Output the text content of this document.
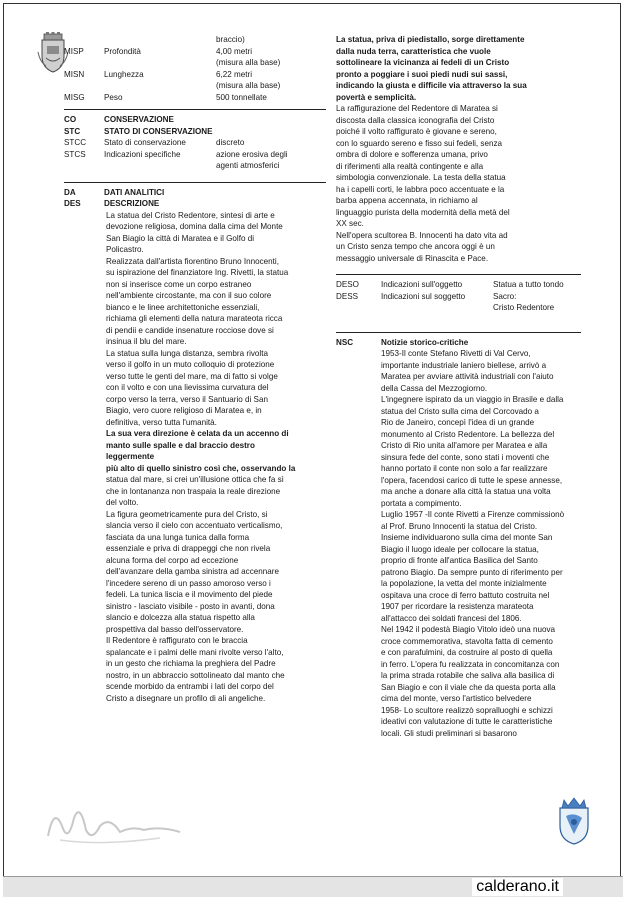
braccio)
MISP	Profondità	4,00 metri
(misura alla base)
MISN	Lunghezza	6,22 metri
(misura alla base)
MISG	Peso	500 tonnellate
CO	CONSERVAZIONE
STC	STATO DI CONSERVAZIONE
STCC	Stato di conservazione	discreto
STCS	Indicazioni specifiche	azione erosiva degli
agenti atmosferici
DA	DATI ANALITICI
DES	DESCRIZIONE
La statua del Cristo Redentore, sintesi di arte e
devozione religiosa, domina dalla cima del Monte
San Biagio la città di Maratea e il Golfo di
Policastro.
Realizzata dall'artista fiorentino Bruno Innocenti,
su ispirazione del finanziatore Ing. Rivetti, la statua
non si inserisce come un corpo estraneo
nell'ambiente circostante, ma con il suo colore
bianco e le linee architettoniche essenziali,
richiama gli elementi della natura marateota ricca
di pendii e candide insenature rocciose dove si
insinua il blu del mare.
La statua sulla lunga distanza, sembra rivolta
verso il golfo in un muto colloquio di protezione
verso tutte le genti del mare, ma di fatto si volge
con il volto e con una lievissima curvatura del
corpo verso la terra, verso il Santuario di San
Biagio, vero cuore religioso di Maratea e, in
definitiva, verso tutta l'umanità.
La sua vera direzione è celata da un accenno di
manto sulle spalle e dal braccio destro
leggermente
più alto di quello sinistro così che, osservando la
statua dal mare, si crei un'illusione ottica che fa sì
che in lontananza non traspaia la reale direzione
del volto.
La figura geometricamente pura del Cristo, si
slancia verso il cielo con accentuato verticalismo,
fasciata da una lunga tunica dalla forma
essenziale e priva di drappeggi che non rivela
alcuna forma del corpo ad eccezione
dell'avanzare della gamba sinistra ad accennare
l'incedere sereno di un passo amoroso verso i
fedeli. La tunica liscia e il movimento del piede
sinistro - lasciato visibile - posto in avanti, dona
slancio e dolcezza alla statua rispetto alla
prospettiva dal basso dell'osservatore.
Il Redentore è raffigurato con le braccia
spalancate e i palmi delle mani rivolte verso l'alto,
in un gesto che richiama la preghiera del Padre
nostro, in un abbraccio sottolineato dal manto che
scende morbido da entrambi i lati del corpo del
Cristo a disegnare un profilo di ali angeliche.
La statua, priva di piedistallo, sorge direttamente
dalla nuda terra, caratteristica che vuole
sottolineare la vicinanza ai fedeli di un Cristo
pronto a poggiare i suoi piedi nudi sui sassi,
indicando la giusta e difficile via attraverso la sua
povertà e semplicità.
La raffigurazione del Redentore di Maratea si
discosta dalla classica iconografia del Cristo
poiché il volto raffigurato è giovane e sereno,
con lo sguardo sereno e fisso sui fedeli, senza
ombra di dolore e sofferenza umana, privo
di riferimenti alla realtà contingente e alla
simbologia convenzionale. La testa della statua
ha i capelli corti, le labbra poco accentuate e la
barba appena accennata, in richiamo al
linguaggio purista della modernità della metà del
XX sec.
Nell'opera scultorea B. Innocenti ha dato vita ad
un Cristo senza tempo che ancora oggi è un
messaggio universale di Rinascita e Pace.
DESO	Indicazioni sull'oggetto	Statua a tutto tondo
DESS	Indicazioni sul soggetto	Sacro:
Cristo Redentore
NSC	Notizie storico-critiche
1953-Il conte Stefano Rivetti di Val Cervo,
importante industriale laniero biellese, arrivò a
Maratea per avviare attività industriali con l'aiuto
della Cassa del Mezzogiorno.
L'ingegnere ispirato da un viaggio in Brasile e dalla
statua del Cristo sulla cima del Corcovado a
Rio de Janeiro, concepì l'idea di un grande
monumento al Cristo Redentore. La bellezza del
Cristo di Rio unita all'amore per Maratea e alla
sinsura fede del conte, sono stati i moventi che
hanno portato il conte non solo a far realizzare
l'opera, facendosi carico di tutte le spese annesse,
ma anche a donare alla città la statua una volta
portata a compimento.
Luglio 1957 -Il conte Rivetti a Firenze commissionò
al Prof. Bruno Innocenti la statua del Cristo.
Insieme individuarono sulla cima del monte San
Biagio il luogo ideale per collocare la statua,
proprio di fronte all'antica Basilica del Santo
patrono Biagio. Da sempre punto di riferimento per
la popolazione, la vetta del monte inizialmente
ospitava una croce di ferro battuto costruita nel
1907 per ricordare la resistenza marateota
all'attacco dei soldati francesi del 1806.
Nel 1942 il podestà Biagio Vitolo ideò una nuova
croce commemorativa, stavolta fatta di cemento
e con parafulmini, da costruire al posto di quella
in ferro. L'opera fu realizzata in concomitanza con
la prima strada rotabile che saliva alla basilica di
San Biagio e con il viale che da questa porta alla
cima del monte, verso l'artistico belvedere
1958- Lo scultore realizzò sopralluoghi e schizzi
ideativi con valutazione di tutte le caratteristiche
locali. Gli studi preliminari si basarono
calderano.it
